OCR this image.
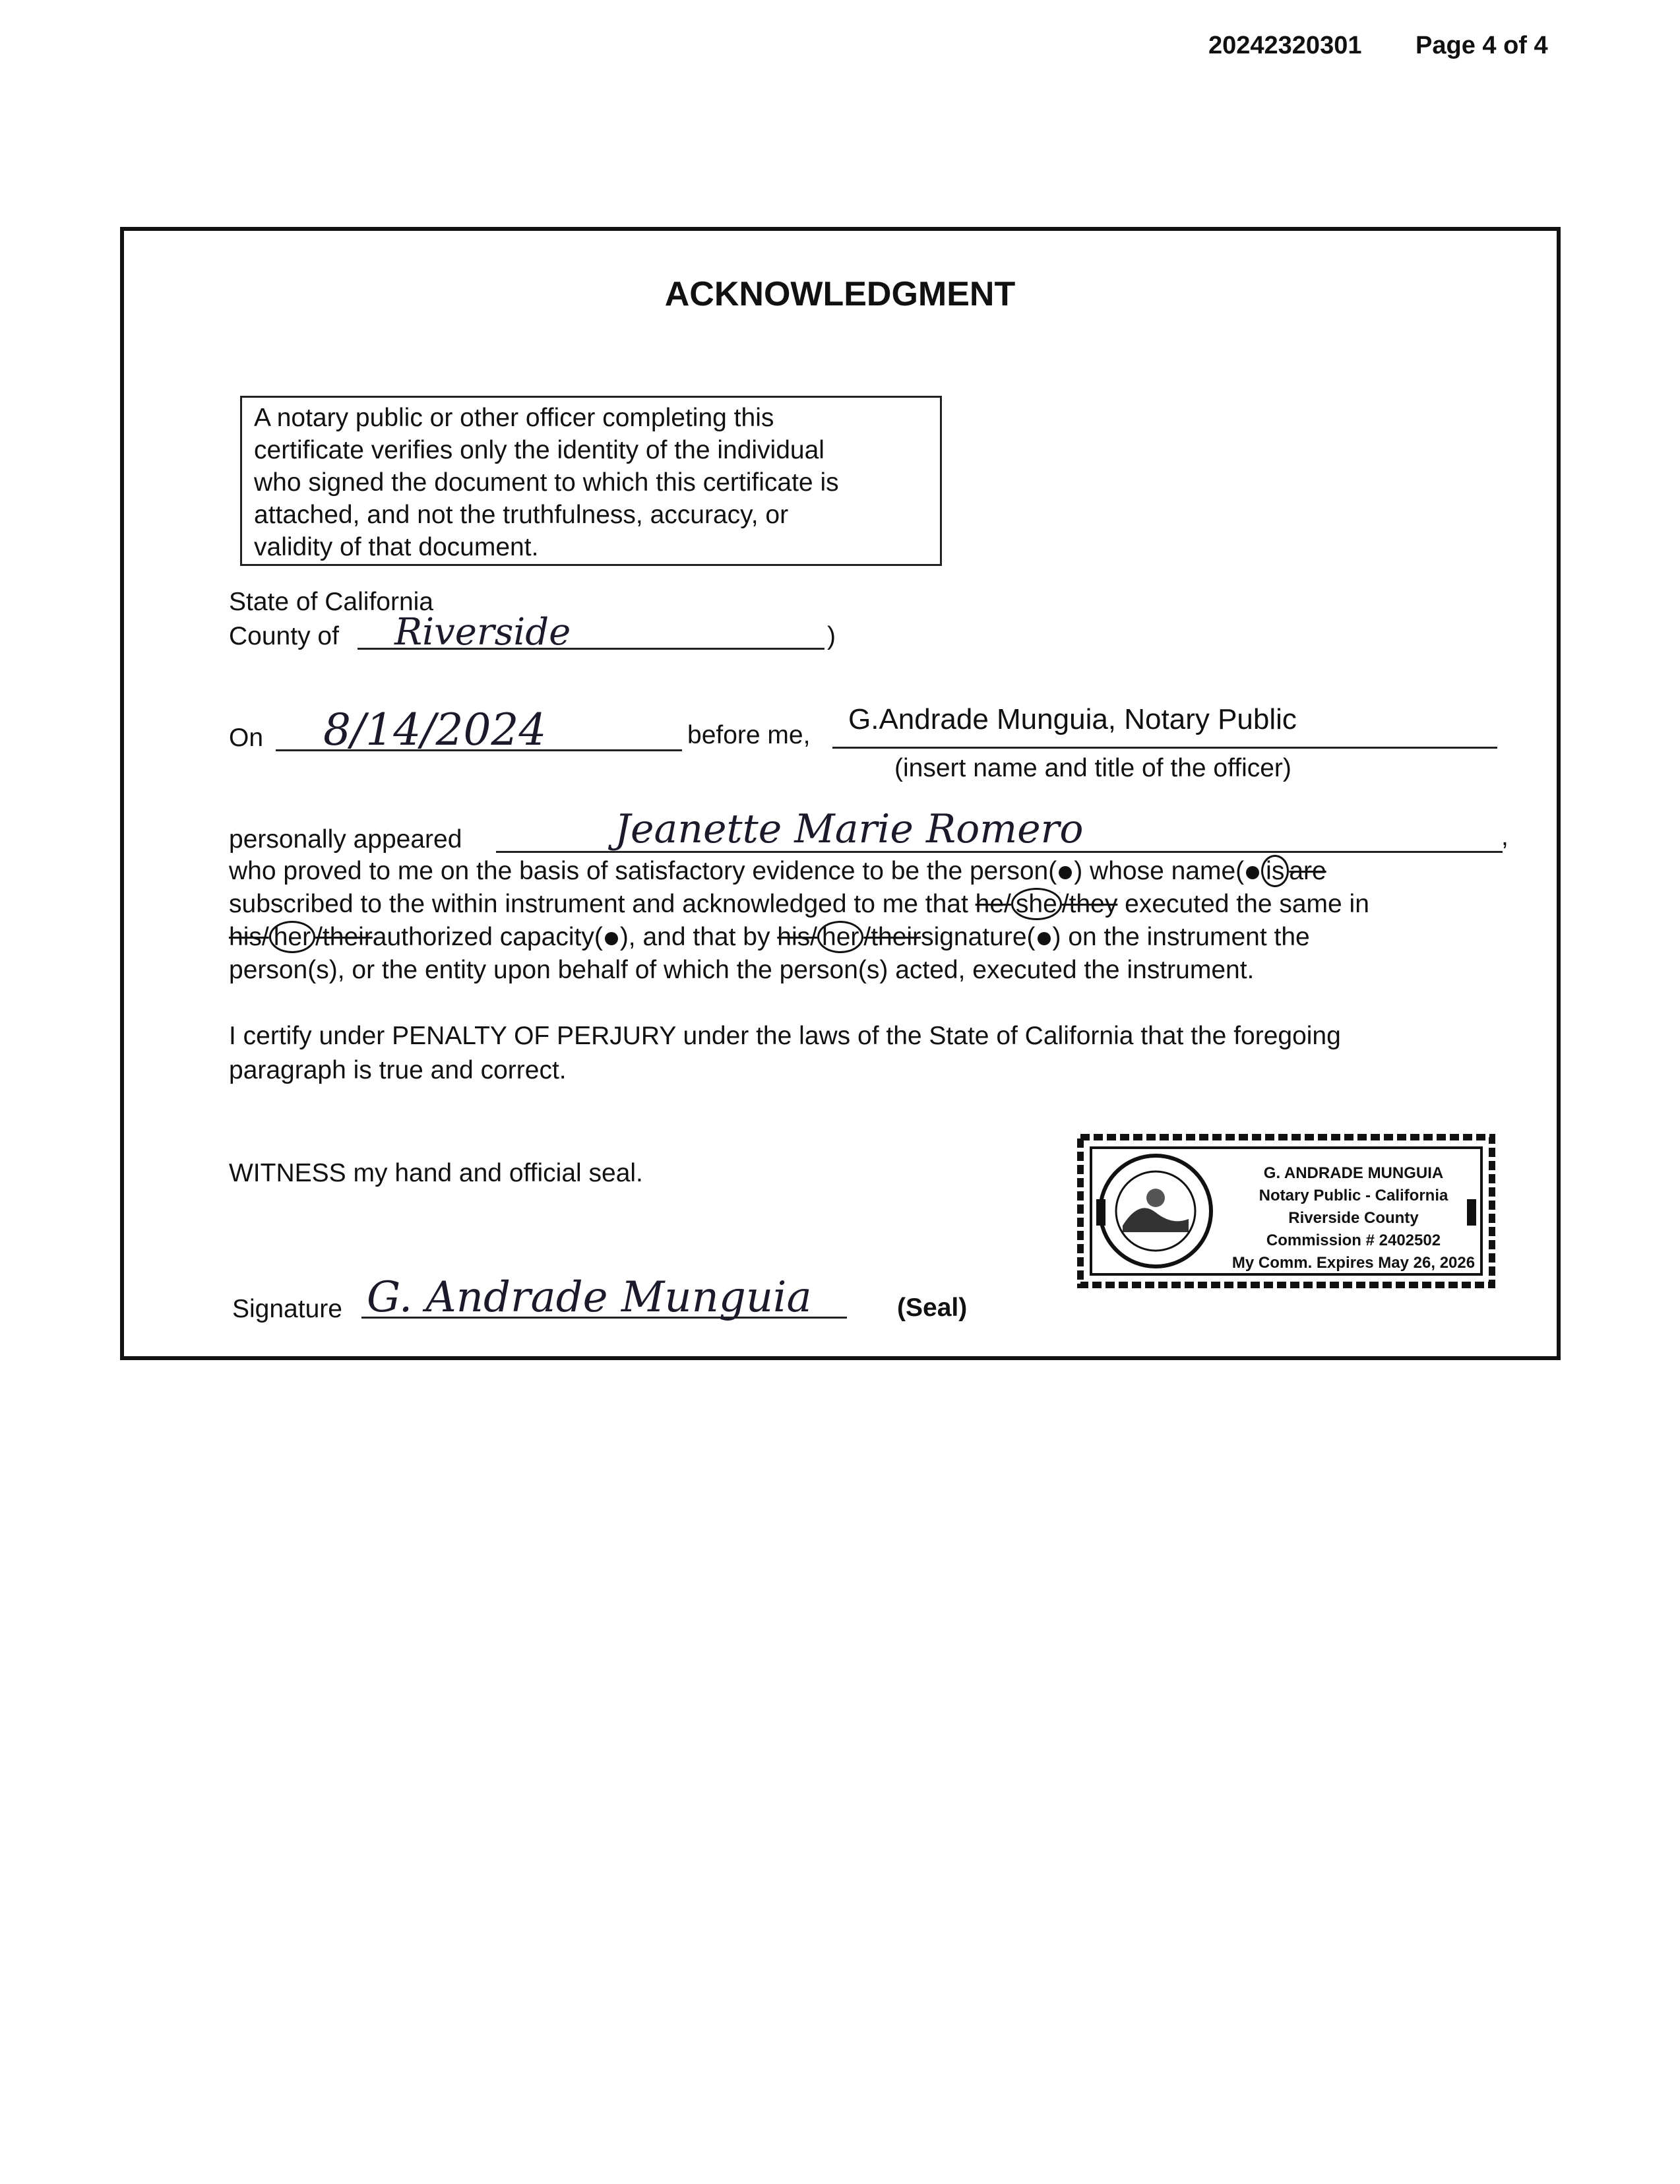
20242320301 Page 4 of 4
ACKNOWLEDGMENT
A notary public or other officer completing this
certificate verifies only the identity of the individual
who signed the document to which this certificate is
attached, and not the truthfulness, accuracy, or
validity of that document.
State of California
County of Riverside	)
On 8/14/2024	before me, G.Andrade Munguia, Notary Public
(insert name and title of the officer)
personally appeared	Jeanette Marie Romero	,
who proved to me on the basis of satisfactory evidence to be the person( ) whose name( is are
subscribed to the within instrument and acknowledged to me that he/ she /they executed the same in
his/ her /theirauthorized capacity( ), and that by his/ her /theirsignature( ) on the instrument the
person(s), or the entity upon behalf of which the person(s) acted, executed the instrument.
I certify under PENALTY OF PERJURY under the laws of the State of California that the foregoing
paragraph is true and correct.
WITNESS my hand and official seal.
Signature G. Andrade Munguia	(Seal)
G. ANDRADE MUNGUIA
Notary Public - California
Riverside County
Commission # 2402502
My Comm. Expires May 26, 2026
